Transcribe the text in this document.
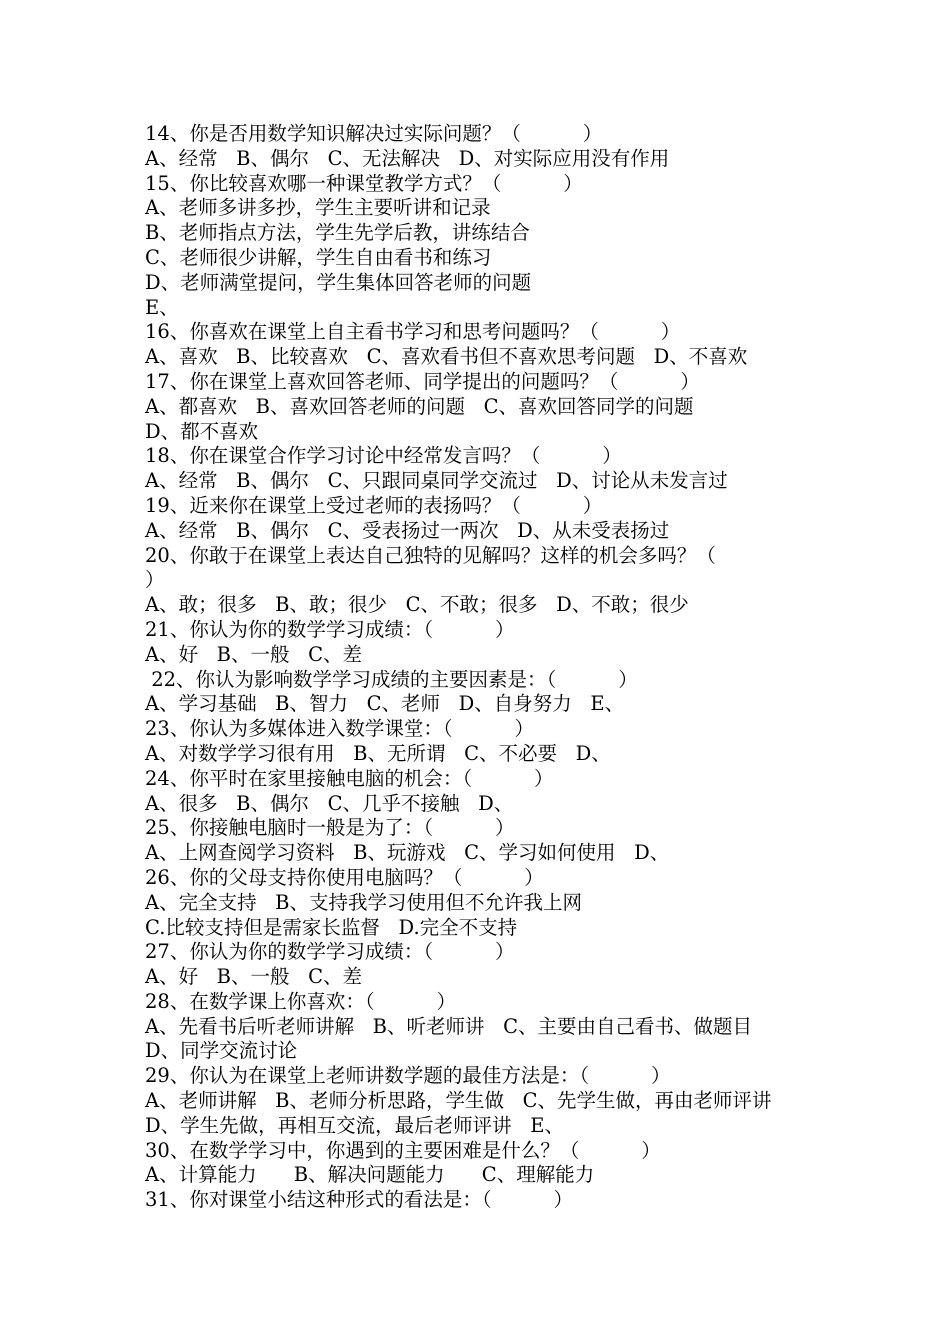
14、你是否用数学知识解决过实际问题？（          ）
A、经常   B、偶尔   C、无法解决   D、对实际应用没有作用
15、你比较喜欢哪一种课堂教学方式？（          ）
A、老师多讲多抄，学生主要听讲和记录
B、老师指点方法，学生先学后教，讲练结合
C、老师很少讲解，学生自由看书和练习
D、老师满堂提问，学生集体回答老师的问题
E、
16、你喜欢在课堂上自主看书学习和思考问题吗？（          ）
A、喜欢   B、比较喜欢   C、喜欢看书但不喜欢思考问题   D、不喜欢
17、你在课堂上喜欢回答老师、同学提出的问题吗？（          ）
A、都喜欢   B、喜欢回答老师的问题   C、喜欢回答同学的问题
D、都不喜欢
18、你在课堂合作学习讨论中经常发言吗？（          ）
A、经常   B、偶尔   C、只跟同桌同学交流过   D、讨论从未发言过
19、近来你在课堂上受过老师的表扬吗？（          ）
A、经常   B、偶尔   C、受表扬过一两次   D、从未受表扬过
20、你敢于在课堂上表达自己独特的见解吗？这样的机会多吗？（
）
A、敢；很多   B、敢；很少   C、不敢；很多   D、不敢；很少
21、你认为你的数学学习成绩：（          ）
A、好   B、一般   C、差
22、你认为影响数学学习成绩的主要因素是：（          ）
A、学习基础   B、智力   C、老师   D、自身努力   E、
23、你认为多媒体进入数学课堂：（          ）
A、对数学学习很有用   B、无所谓   C、不必要   D、
24、你平时在家里接触电脑的机会：（          ）
A、很多   B、偶尔   C、几乎不接触   D、
25、你接触电脑时一般是为了：（          ）
A、上网查阅学习资料   B、玩游戏   C、学习如何使用   D、
26、你的父母支持你使用电脑吗？（          ）
A、完全支持   B、支持我学习使用但不允许我上网
C.比较支持但是需家长监督   D.完全不支持
27、你认为你的数学学习成绩：（          ）
A、好   B、一般   C、差
28、在数学课上你喜欢：（          ）
A、先看书后听老师讲解   B、听老师讲   C、主要由自己看书、做题目
D、同学交流讨论
29、你认为在课堂上老师讲数学题的最佳方法是：（          ）
A、老师讲解   B、老师分析思路，学生做   C、先学生做，再由老师评讲
D、学生先做，再相互交流，最后老师评讲   E、
30、在数学学习中，你遇到的主要困难是什么？（          ）
A、计算能力      B、解决问题能力      C、理解能力
31、你对课堂小结这种形式的看法是：（          ）
